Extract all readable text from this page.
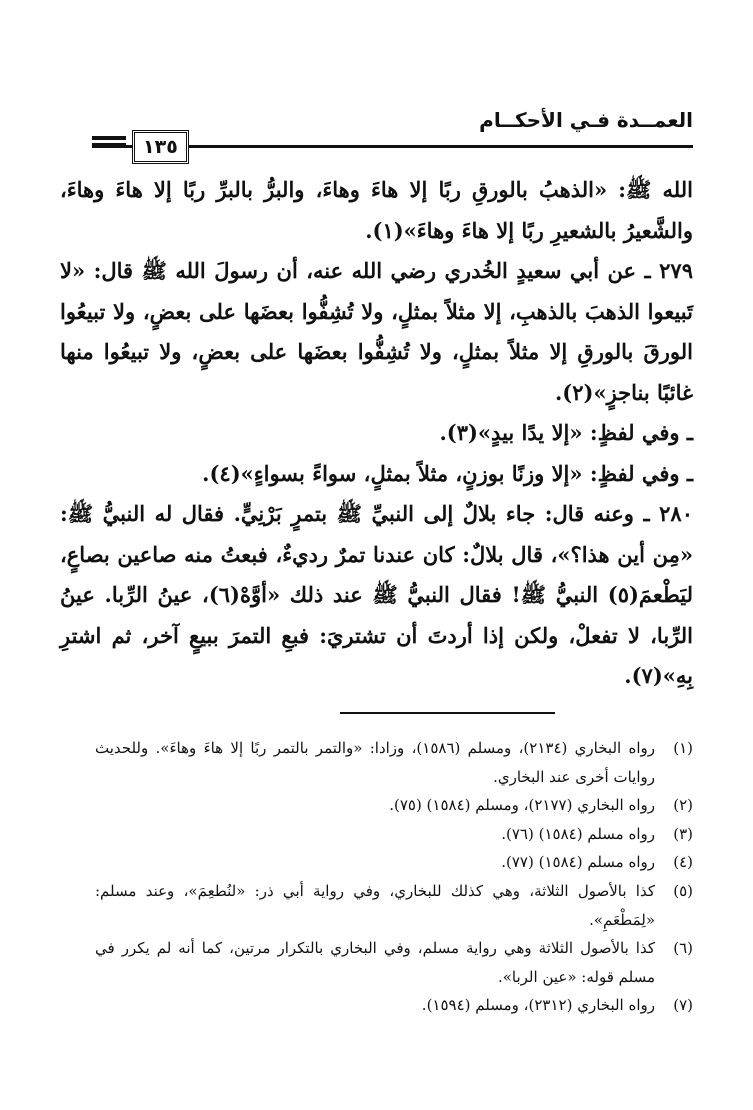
العمــدة فـي الأحكــام
١٣٥

الله ﷺ: «الذهبُ بالورقِ ربًا إلا هاءَ وهاءَ، والبرُّ بالبرِّ ربًا إلا هاءَ وهاءَ، والشَّعيرُ بالشعيرِ ربًا إلا هاءَ وهاءَ»(١).

٢٧٩ ـ عن أبي سعيدٍ الخُدري رضي الله عنه، أن رسولَ الله ﷺ قال: «لا تَبيعوا الذهبَ بالذهبِ، إلا مثلاً بمثلٍ، ولا تُشِفُّوا بعضَها على بعضٍ، ولا تبيعُوا الورقَ بالورقِ إلا مثلاً بمثلٍ، ولا تُشِفُّوا بعضَها على بعضٍ، ولا تبيعُوا منها غائبًا بناجزٍ»(٢).

ـ وفي لفظٍ: «إلا يدًا بيدٍ»(٣).

ـ وفي لفظٍ: «إلا وزنًا بوزنٍ، مثلاً بمثلٍ، سواءً بسواءٍ»(٤).

٢٨٠ ـ وعنه قال: جاء بلالٌ إلى النبيِّ ﷺ بتمرٍ بَرْنِيٍّ. فقال له النبيُّ ﷺ: «مِن أين هذا؟»، قال بلالٌ: كان عندنا تمرٌ رديءٌ، فبعتُ منه صاعين بصاعٍ، ليَطْعمَ(٥) النبيُّ ﷺ! فقال النبيُّ ﷺ عند ذلك «أوَّهْ(٦)، عينُ الرِّبا. عينُ الرِّبا، لا تفعلْ، ولكن إذا أردتَ أن تشتريَ: فبعِ التمرَ ببيعٍ آخر، ثم اشترِ بِهِ»(٧).

(١)
رواه البخاري (٢١٣٤)، ومسلم (١٥٨٦)، وزادا: «والتمر بالتمر ربًا إلا هاءَ وهاءَ». وللحديث روايات أخرى عند البخاري.
(٢)
رواه البخاري (٢١٧٧)، ومسلم (١٥٨٤) (٧٥).
(٣)
رواه مسلم (١٥٨٤) (٧٦).
(٤)
رواه مسلم (١٥٨٤) (٧٧).
(٥)
كذا بالأصول الثلاثة، وهي كذلك للبخاري، وفي رواية أبي ذر: «لنُطعِمَ»، وعند مسلم: «لِمَطْعَمِ».
(٦)
كذا بالأصول الثلاثة وهي رواية مسلم، وفي البخاري بالتكرار مرتين، كما أنه لم يكرر في مسلم قوله: «عين الربا».
(٧)
رواه البخاري (٢٣١٢)، ومسلم (١٥٩٤).
